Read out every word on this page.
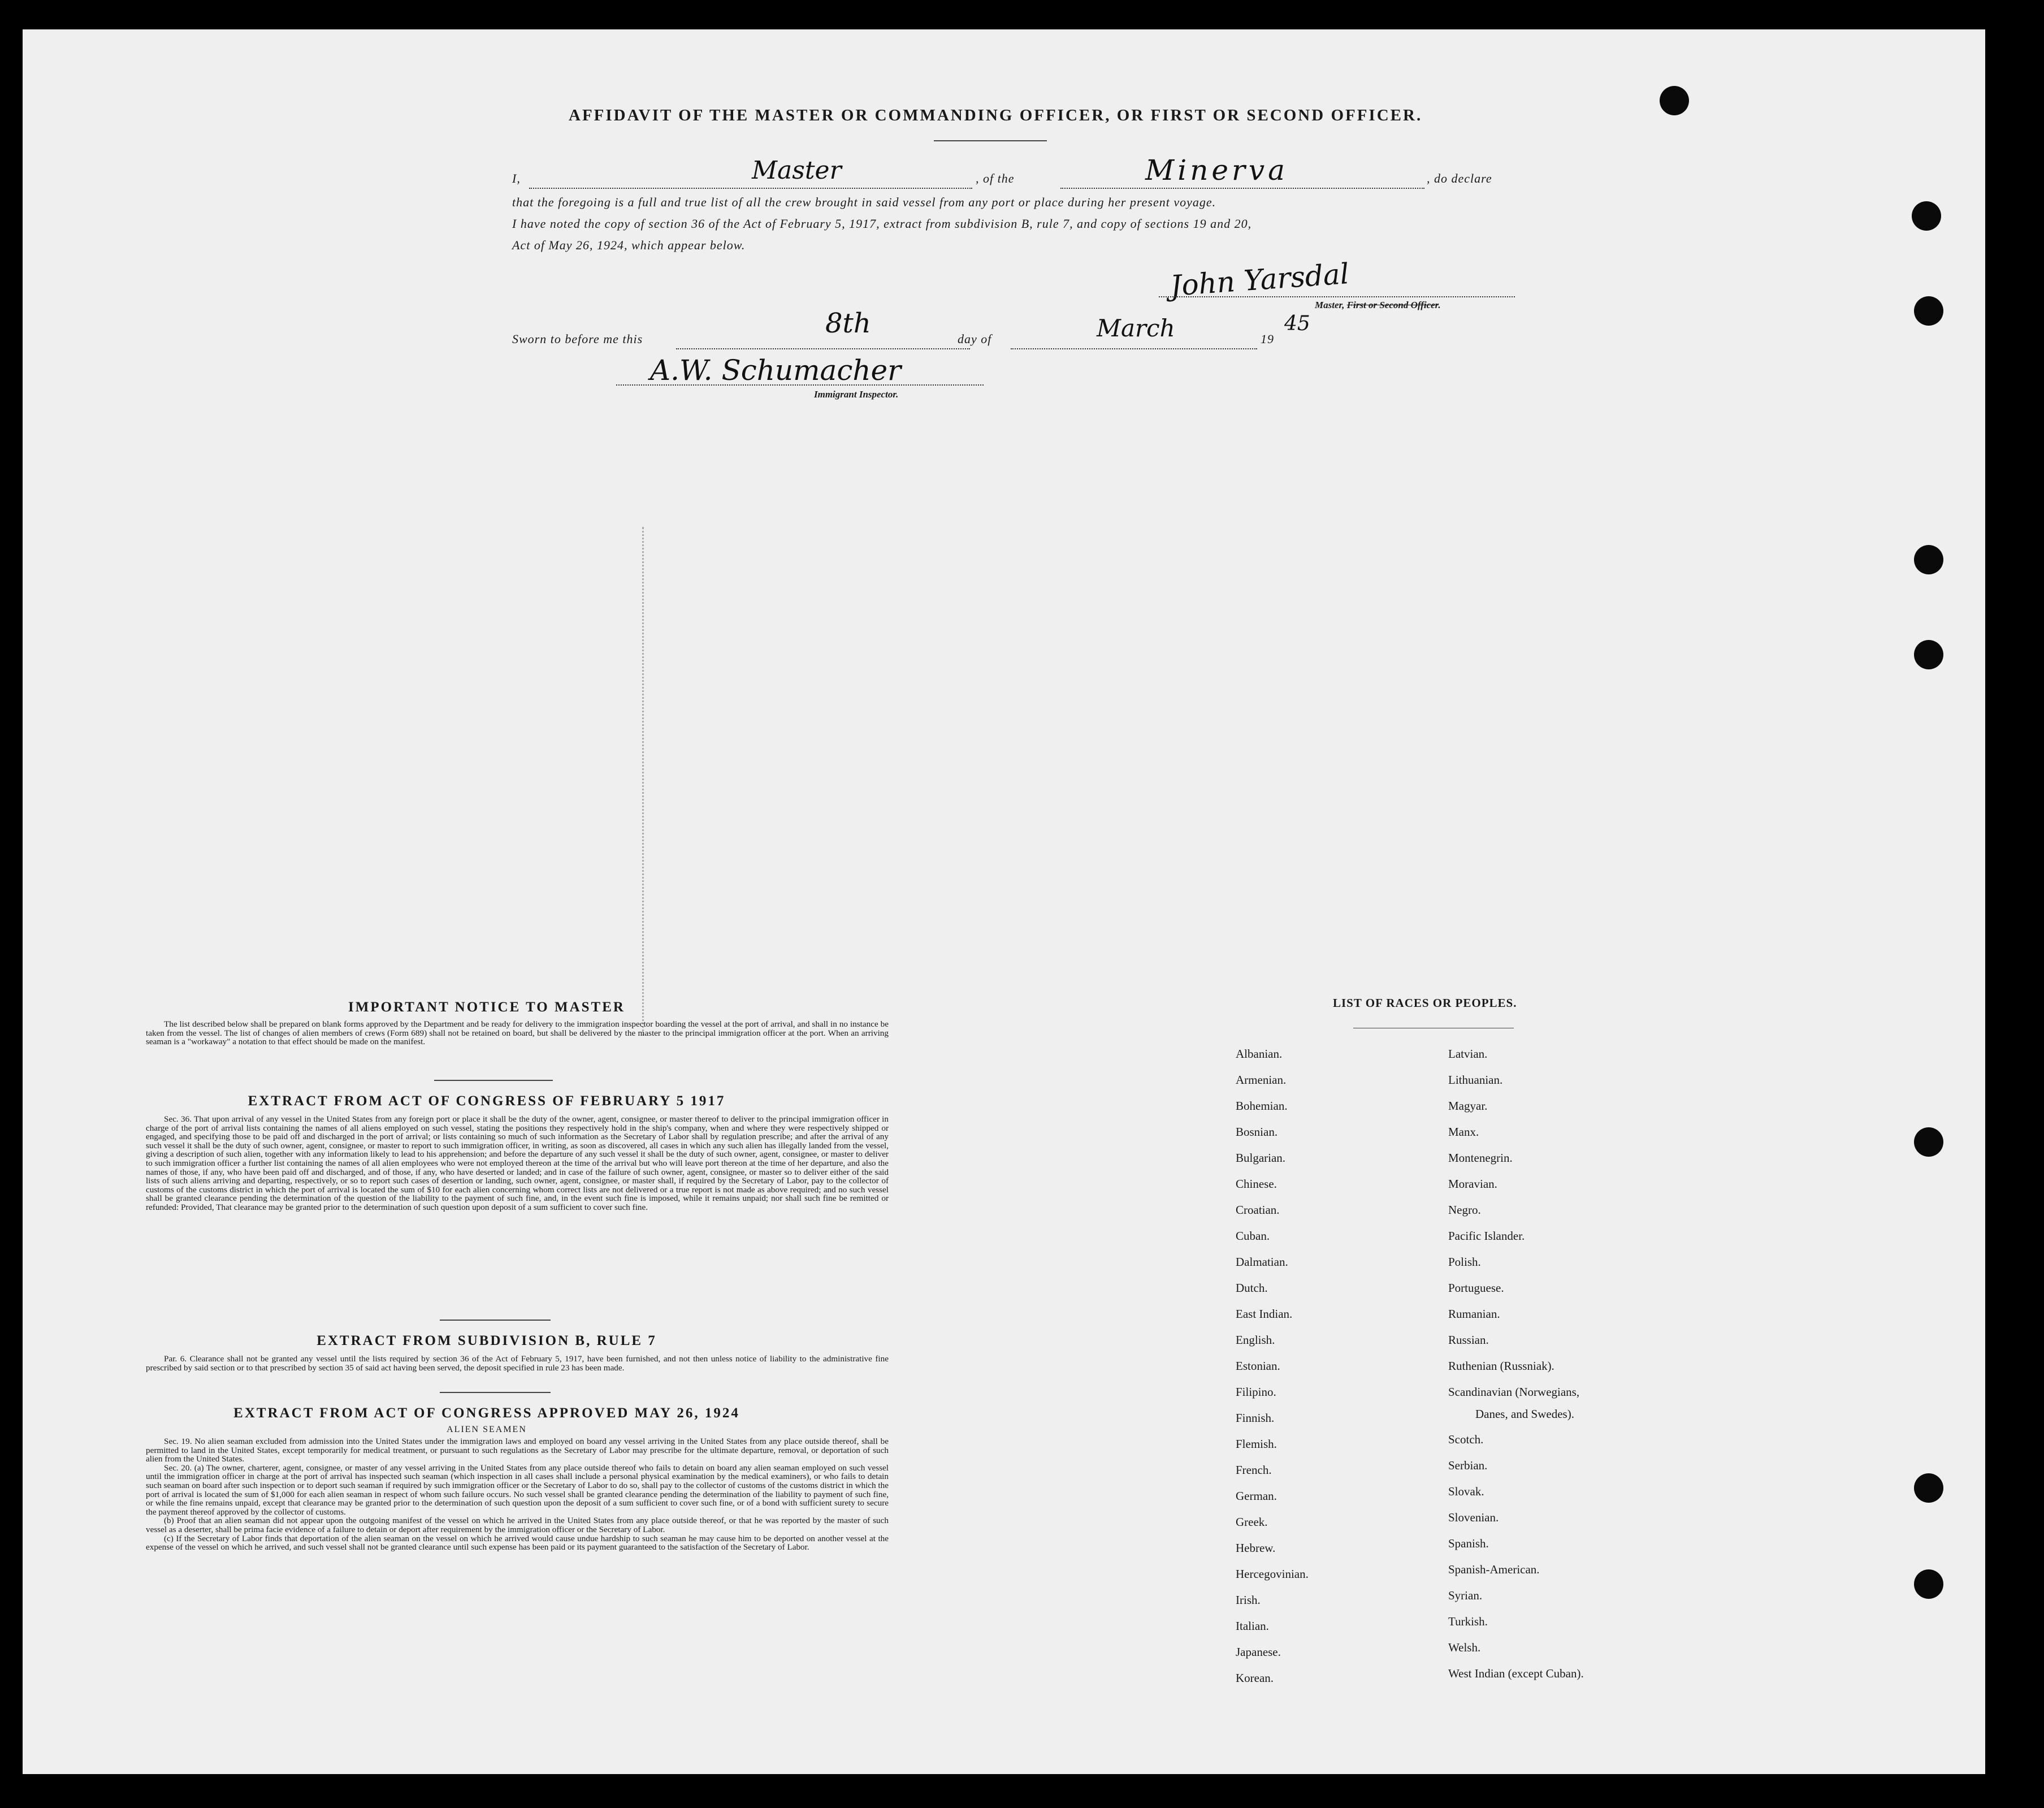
AFFIDAVIT OF THE MASTER OR COMMANDING OFFICER, OR FIRST OR SECOND OFFICER.
I,	Master	, of the	Minerva	, do declare
that the foregoing is a full and true list of all the crew brought in said vessel from any port or place during her present voyage.
I have noted the copy of section 36 of the Act of February 5, 1917, extract from subdivision B, rule 7, and copy of sections 19 and 20,
Act of May 26, 1924, which appear below.
John Yarsdal
Master, First or Second Officer.
Sworn to before me this	8th	day of	March	19
45
A.W. Schumacher
Immigrant Inspector.
IMPORTANT NOTICE TO MASTER
The list described below shall be prepared on blank forms approved by the Department and be ready for delivery to the immigration inspector boarding the vessel at the port of arrival, and shall in no instance be taken from the vessel. The list of changes of alien members of crews (Form 689) shall not be retained on board, but shall be delivered by the master to the principal immigration officer at the port. When an arriving seaman is a "workaway" a notation to that effect should be made on the manifest.
EXTRACT FROM ACT OF CONGRESS OF FEBRUARY 5 1917
Sec. 36. That upon arrival of any vessel in the United States from any foreign port or place it shall be the duty of the owner, agent, consignee, or master thereof to deliver to the principal immigration officer in charge of the port of arrival lists containing the names of all aliens employed on such vessel, stating the positions they respectively hold in the ship's company, when and where they were respectively shipped or engaged, and specifying those to be paid off and discharged in the port of arrival; or lists containing so much of such information as the Secretary of Labor shall by regulation prescribe; and after the arrival of any such vessel it shall be the duty of such owner, agent, consignee, or master to report to such immigration officer, in writing, as soon as discovered, all cases in which any such alien has illegally landed from the vessel, giving a description of such alien, together with any information likely to lead to his apprehension; and before the departure of any such vessel it shall be the duty of such owner, agent, consignee, or master to deliver to such immigration officer a further list containing the names of all alien employees who were not employed thereon at the time of the arrival but who will leave port thereon at the time of her departure, and also the names of those, if any, who have been paid off and discharged, and of those, if any, who have deserted or landed; and in case of the failure of such owner, agent, consignee, or master so to deliver either of the said lists of such aliens arriving and departing, respectively, or so to report such cases of desertion or landing, such owner, agent, consignee, or master shall, if required by the Secretary of Labor, pay to the collector of customs of the customs district in which the port of arrival is located the sum of $10 for each alien concerning whom correct lists are not delivered or a true report is not made as above required; and no such vessel shall be granted clearance pending the determination of the question of the liability to the payment of such fine, and, in the event such fine is imposed, while it remains unpaid; nor shall such fine be remitted or refunded: Provided, That clearance may be granted prior to the determination of such question upon deposit of a sum sufficient to cover such fine.
EXTRACT FROM SUBDIVISION B, RULE 7
Par. 6. Clearance shall not be granted any vessel until the lists required by section 36 of the Act of February 5, 1917, have been furnished, and not then unless notice of liability to the administrative fine prescribed by said section or to that prescribed by section 35 of said act having been served, the deposit specified in rule 23 has been made.
EXTRACT FROM ACT OF CONGRESS APPROVED MAY 26, 1924
ALIEN SEAMEN
Sec. 19. No alien seaman excluded from admission into the United States under the immigration laws and employed on board any vessel arriving in the United States from any place outside thereof, shall be permitted to land in the United States, except temporarily for medical treatment, or pursuant to such regulations as the Secretary of Labor may prescribe for the ultimate departure, removal, or deportation of such alien from the United States.
Sec. 20. (a) The owner, charterer, agent, consignee, or master of any vessel arriving in the United States from any place outside thereof who fails to detain on board any alien seaman employed on such vessel until the immigration officer in charge at the port of arrival has inspected such seaman (which inspection in all cases shall include a personal physical examination by the medical examiners), or who fails to detain such seaman on board after such inspection or to deport such seaman if required by such immigration officer or the Secretary of Labor to do so, shall pay to the collector of customs of the customs district in which the port of arrival is located the sum of $1,000 for each alien seaman in respect of whom such failure occurs. No such vessel shall be granted clearance pending the determination of the liability to payment of such fine, or while the fine remains unpaid, except that clearance may be granted prior to the determination of such question upon the deposit of a sum sufficient to cover such fine, or of a bond with sufficient surety to secure the payment thereof approved by the collector of customs.
(b) Proof that an alien seaman did not appear upon the outgoing manifest of the vessel on which he arrived in the United States from any place outside thereof, or that he was reported by the master of such vessel as a deserter, shall be prima facie evidence of a failure to detain or deport after requirement by the immigration officer or the Secretary of Labor.
(c) If the Secretary of Labor finds that deportation of the alien seaman on the vessel on which he arrived would cause undue hardship to such seaman he may cause him to be deported on another vessel at the expense of the vessel on which he arrived, and such vessel shall not be granted clearance until such expense has been paid or its payment guaranteed to the satisfaction of the Secretary of Labor.
LIST OF RACES OR PEOPLES.
Albanian.
Armenian.
Bohemian.
Bosnian.
Bulgarian.
Chinese.
Croatian.
Cuban.
Dalmatian.
Dutch.
East Indian.
English.
Estonian.
Filipino.
Finnish.
Flemish.
French.
German.
Greek.
Hebrew.
Hercegovinian.
Irish.
Italian.
Japanese.
Korean.
Latvian.
Lithuanian.
Magyar.
Manx.
Montenegrin.
Moravian.
Negro.
Pacific Islander.
Polish.
Portuguese.
Rumanian.
Russian.
Ruthenian (Russniak).
Scandinavian (Norwegians,
Danes, and Swedes).
Scotch.
Serbian.
Slovak.
Slovenian.
Spanish.
Spanish-American.
Syrian.
Turkish.
Welsh.
West Indian (except Cuban).
